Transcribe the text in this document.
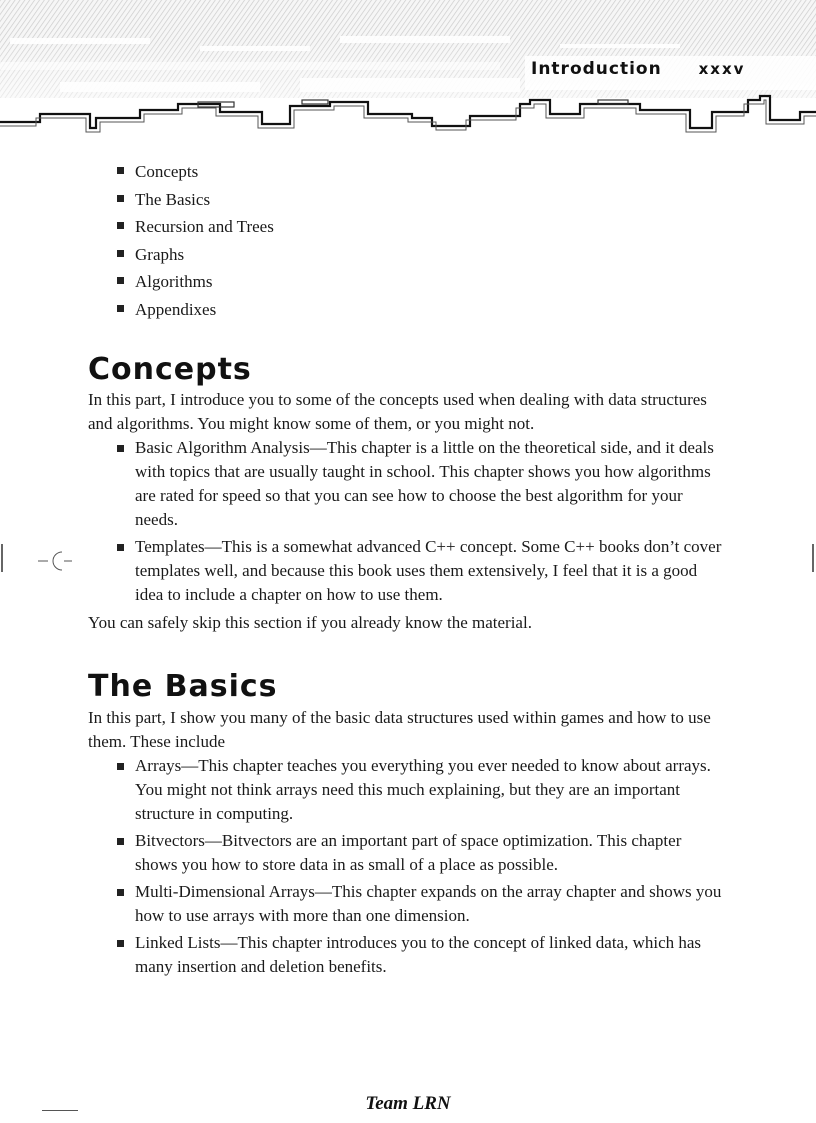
Introduction xxxv
Concepts
The Basics
Recursion and Trees
Graphs
Algorithms
Appendixes
Concepts

In this part, I introduce you to some of the concepts used when dealing with data structures and algorithms. You might know some of them, or you might not.

Basic Algorithm Analysis—This chapter is a little on the theoretical side, and it deals with topics that are usually taught in school. This chapter shows you how algorithms are rated for speed so that you can see how to choose the best algorithm for your needs.
Templates—This is a somewhat advanced C++ concept. Some C++ books don’t cover templates well, and because this book uses them extensively, I feel that it is a good idea to include a chapter on how to use them.

You can safely skip this section if you already know the material.

The Basics

In this part, I show you many of the basic data structures used within games and how to use them. These include

Arrays—This chapter teaches you everything you ever needed to know about arrays. You might not think arrays need this much explaining, but they are an important structure in computing.
Bitvectors—Bitvectors are an important part of space optimization. This chapter shows you how to store data in as small of a place as possible.
Multi-Dimensional Arrays—This chapter expands on the array chapter and shows you how to use arrays with more than one dimension.
Linked Lists—This chapter introduces you to the concept of linked data, which has many insertion and deletion benefits.
Team LRN
